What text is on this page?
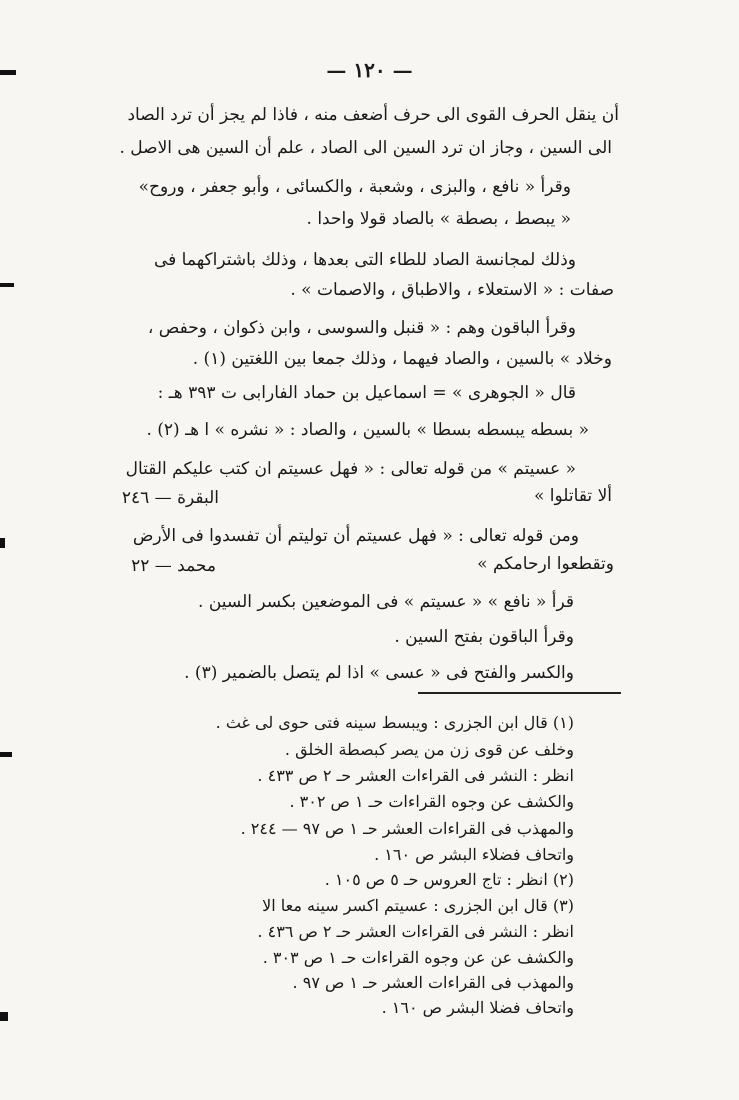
— ١٢٠ —
أن ينقل الحرف القوى الى حرف أضعف منه ، فاذا لم يجز أن ترد الصاد
الى السين ، وجاز ان ترد السين الى الصاد ، علم أن السين هى الاصل .
وقرأ « نافع ، والبزى ، وشعبة ، والكسائى ، وأبو جعفر ، وروح»
« يبصط ، بصطة » بالصاد قولا واحدا .
وذلك لمجانسة الصاد للطاء التى بعدها ، وذلك باشتراكهما فى
صفات : « الاستعلاء ، والاطباق ، والاصمات » .
وقرأ الباقون وهم : « قنبل والسوسى ، وابن ذكوان ، وحفص ،
وخلاد » بالسين ، والصاد فيهما ، وذلك جمعا بين اللغتين (١) .
قال « الجوهرى » = اسماعيل بن حماد الفارابى ت ٣٩٣ هـ :
« بسطه يبسطه بسطا » بالسين ، والصاد : « نشره » ا هـ (٢) .
« عسيتم » من قوله تعالى : « فهل عسيتم ان كتب عليكم القتال
ألا تقاتلوا »
البقرة — ٢٤٦
ومن قوله تعالى : « فهل عسيتم أن توليتم أن تفسدوا فى الأرض
وتقطعوا ارحامكم »
محمد — ٢٢
قرأ « نافع » « عسيتم » فى الموضعين بكسر السين .
وقرأ الباقون بفتح السين .
والكسر والفتح فى « عسى » اذا لم يتصل بالضمير (٣) .
(١) قال ابن الجزرى : ويبسط سينه فتى حوى لى غث .
وخلف عن قوى زن من يصر كبصطة الخلق .
انظر : النشر فى القراءات العشر حـ ٢ ص ٤٣٣ .
والكشف عن وجوه القراءات حـ ١ ص ٣٠٢ .
والمهذب فى القراءات العشر حـ ١ ص ٩٧ — ٢٤٤ .
واتحاف فضلاء البشر ص ١٦٠ .
(٢) انظر : تاج العروس حـ ٥ ص ١٠٥ .
(٣) قال ابن الجزرى : عسيتم اكسر سينه معا الا
انظر : النشر فى القراءات العشر حـ ٢ ص ٤٣٦ .
والكشف عن عن وجوه القراءات حـ ١ ص ٣٠٣ .
والمهذب فى القراءات العشر حـ ١ ص ٩٧ .
واتحاف فضلا البشر ص ١٦٠ .
